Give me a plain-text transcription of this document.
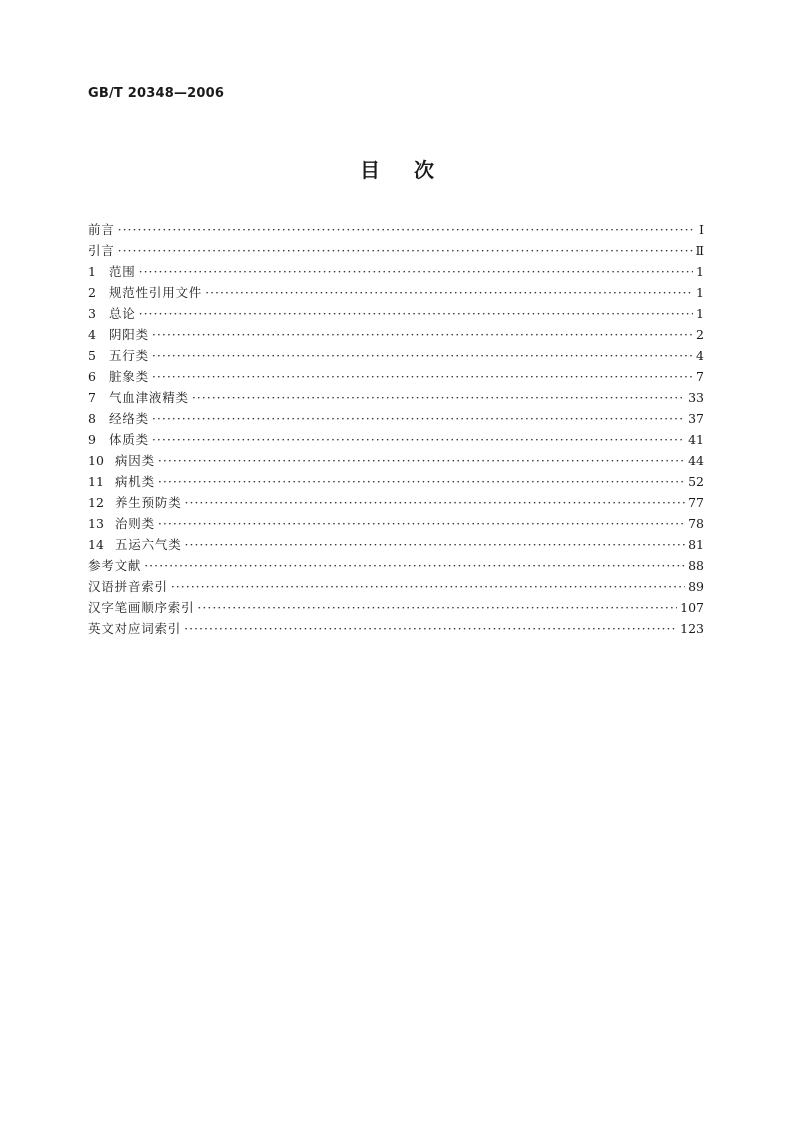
GB/T 20348—2006
目次
前言 ·····	Ⅰ
引言 ·····	Ⅱ
1	范围 ·····	1
2	规范性引用文件 ·····	1
3	总论 ·····	1
4	阴阳类 ·····	2
5	五行类 ·····	4
6	脏象类 ·····	7
7	气血津液精类 ·····	33
8	经络类 ·····	37
9	体质类 ·····	41
10 病因类 ·····	44
11 病机类 ·····	52
12 养生预防类 ·····	77
13 治则类 ·····	78
14 五运六气类 ·····	81
参考文献 ·····	88
汉语拼音索引 ·····	89
汉字笔画顺序索引 ·····	107
英文对应词索引 ·····	123
